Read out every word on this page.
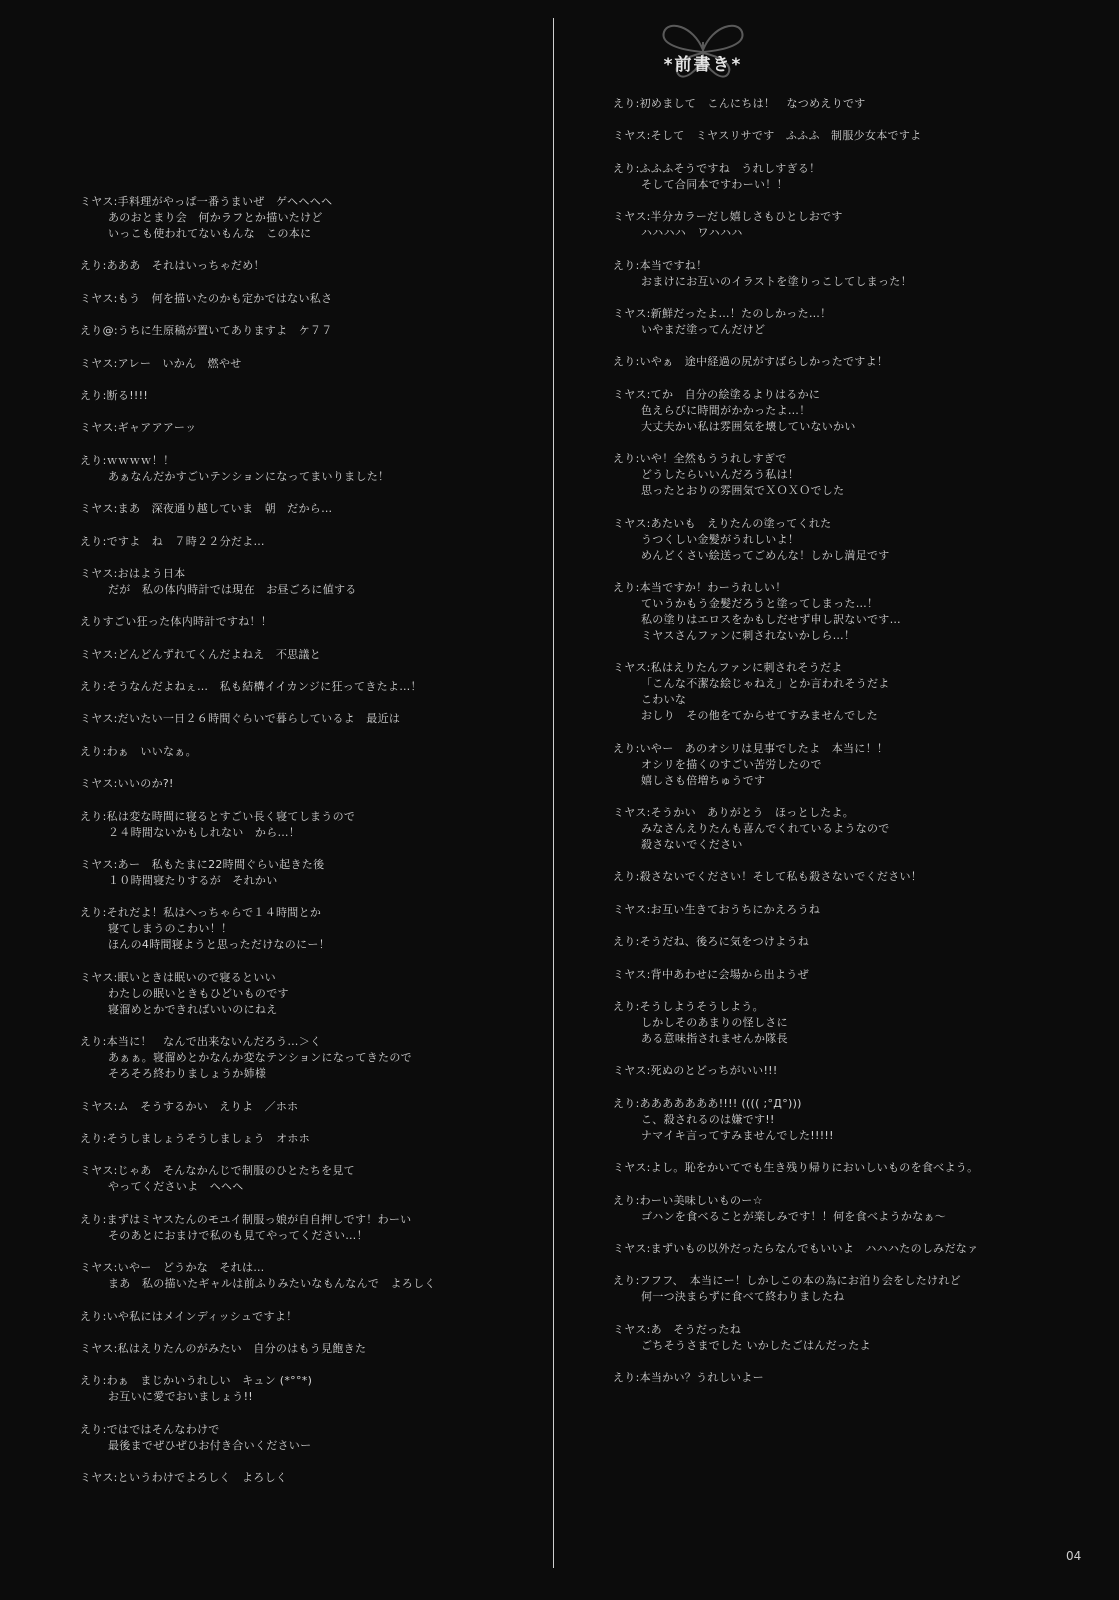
*前書き*
ミヤス:手料理がやっぱ一番うまいぜ　ゲヘヘヘヘ
あのおとまり会　何かラフとか描いたけど
いっこも使われてないもんな　この本に
えり:あああ　それはいっちゃだめ！
ミヤス:もう　何を描いたのかも定かではない私さ
えり@:うちに生原稿が置いてありますよ　ケ７７
ミヤス:アレー　いかん　燃やせ
えり:断る!!!!
ミヤス:ギャアアアーッ
えり:ｗｗｗｗ！！
あぁなんだかすごいテンションになってまいりました！
ミヤス:まあ　深夜通り越していま　朝　だから…
えり:ですよ　ね　７時２２分だよ…
ミヤス:おはよう日本
だが　私の体内時計では現在　お昼ごろに値する
えりすごい狂った体内時計ですね！！
ミヤス:どんどんずれてくんだよねえ　不思議と
えり:そうなんだよねぇ…　私も結構イイカンジに狂ってきたよ…！
ミヤス:だいたい一日２６時間ぐらいで暮らしているよ　最近は
えり:わぁ　いいなぁ。
ミヤス:いいのか?!
えり:私は変な時間に寝るとすごい長く寝てしまうので
２４時間ないかもしれない　から…！
ミヤス:あー　私もたまに22時間ぐらい起きた後
１０時間寝たりするが　それかい
えり:それだよ！私はへっちゃらで１４時間とか
寝てしまうのこわい！！
ほんの4時間寝ようと思っただけなのにー！
ミヤス:眠いときは眠いので寝るといい
わたしの眠いときもひどいものです
寝溜めとかできればいいのにねえ
えり:本当に！　なんで出来ないんだろう…＞く
あぁぁ。寝溜めとかなんか変なテンションになってきたので
そろそろ終わりましょうか姉様
ミヤス:ム　そうするかい　えりよ　／ホホ
えり:そうしましょうそうしましょう　オホホ
ミヤス:じゃあ　そんなかんじで制服のひとたちを見て
やってくださいよ　ヘヘヘ
えり:まずはミヤスたんのモユイ制服っ娘が自自押しです！わーい
そのあとにおまけで私のも見てやってください…！
ミヤス:いやー　どうかな　それは…
まあ　私の描いたギャルは前ふりみたいなもんなんで　よろしく
えり:いや私にはメインディッシュですよ！
ミヤス:私はえりたんのがみたい　自分のはもう見飽きた
えり:わぁ　まじかいうれしい　キュン (*°°*)
お互いに愛でおいましょう!!
えり:ではではそんなわけで
最後までぜひぜひお付き合いくださいー
ミヤス:というわけでよろしく　よろしく
えり:初めまして　こんにちは！　なつめえりです
ミヤス:そして　ミヤスリサです　ふふふ　制服少女本ですよ
えり:ふふふそうですね　うれしすぎる！
そして合同本ですわーい！！
ミヤス:半分カラーだし嬉しさもひとしおです
ハハハハ　ワハハハ
えり:本当ですね！
おまけにお互いのイラストを塗りっこしてしまった！
ミヤス:新鮮だったよ…！たのしかった…！
いやまだ塗ってんだけど
えり:いやぁ　途中経過の尻がすばらしかったですよ！
ミヤス:てか　自分の絵塗るよりはるかに
色えらびに時間がかかったよ…！
大丈夫かい私は雰囲気を壊していないかい
えり:いや！全然もううれしすぎで
どうしたらいいんだろう私は！
思ったとおりの雰囲気でＸＯＸＯでした
ミヤス:あたいも　えりたんの塗ってくれた
うつくしい金髪がうれしいよ！
めんどくさい絵送ってごめんな！しかし満足です
えり:本当ですか！わーうれしい！
ていうかもう金髪だろうと塗ってしまった…！
私の塗りはエロスをかもしだせず申し訳ないです…
ミヤスさんファンに刺されないかしら…！
ミヤス:私はえりたんファンに刺されそうだよ
「こんな不潔な絵じゃねえ」とか言われそうだよ
こわいな
おしり　その他をてからせてすみませんでした
えり:いやー　あのオシリは見事でしたよ　本当に！！
オシリを描くのすごい苦労したので
嬉しさも倍増ちゅうです
ミヤス:そうかい　ありがとう　ほっとしたよ。
みなさんえりたんも喜んでくれているようなので
殺さないでください
えり:殺さないでください！そして私も殺さないでください！
ミヤス:お互い生きておうちにかえろうね
えり:そうだね、後ろに気をつけようね
ミヤス:背中あわせに会場から出ようぜ
えり:そうしようそうしよう。
しかしそのあまりの怪しさに
ある意味指されませんか隊長
ミヤス:死ぬのとどっちがいい!!!
えり:あああああああ!!!! (((( ;°Д°)))
こ、殺されるのは嫌です!!
ナマイキ言ってすみませんでした!!!!!
ミヤス:よし。恥をかいてでも生き残り帰りにおいしいものを食べよう。
えり:わーい美味しいものー☆
ゴハンを食べることが楽しみです！！何を食べようかなぁ〜
ミヤス:まずいもの以外だったらなんでもいいよ　ハハハたのしみだなァ
えり:フフフ、　本当にー！しかしこの本の為にお泊り会をしたけれど
何一つ決まらずに食べて終わりましたね
ミヤス:あ　そうだったね
ごちそうさまでした いかしたごはんだったよ
えり:本当かい？うれしいよー
04
